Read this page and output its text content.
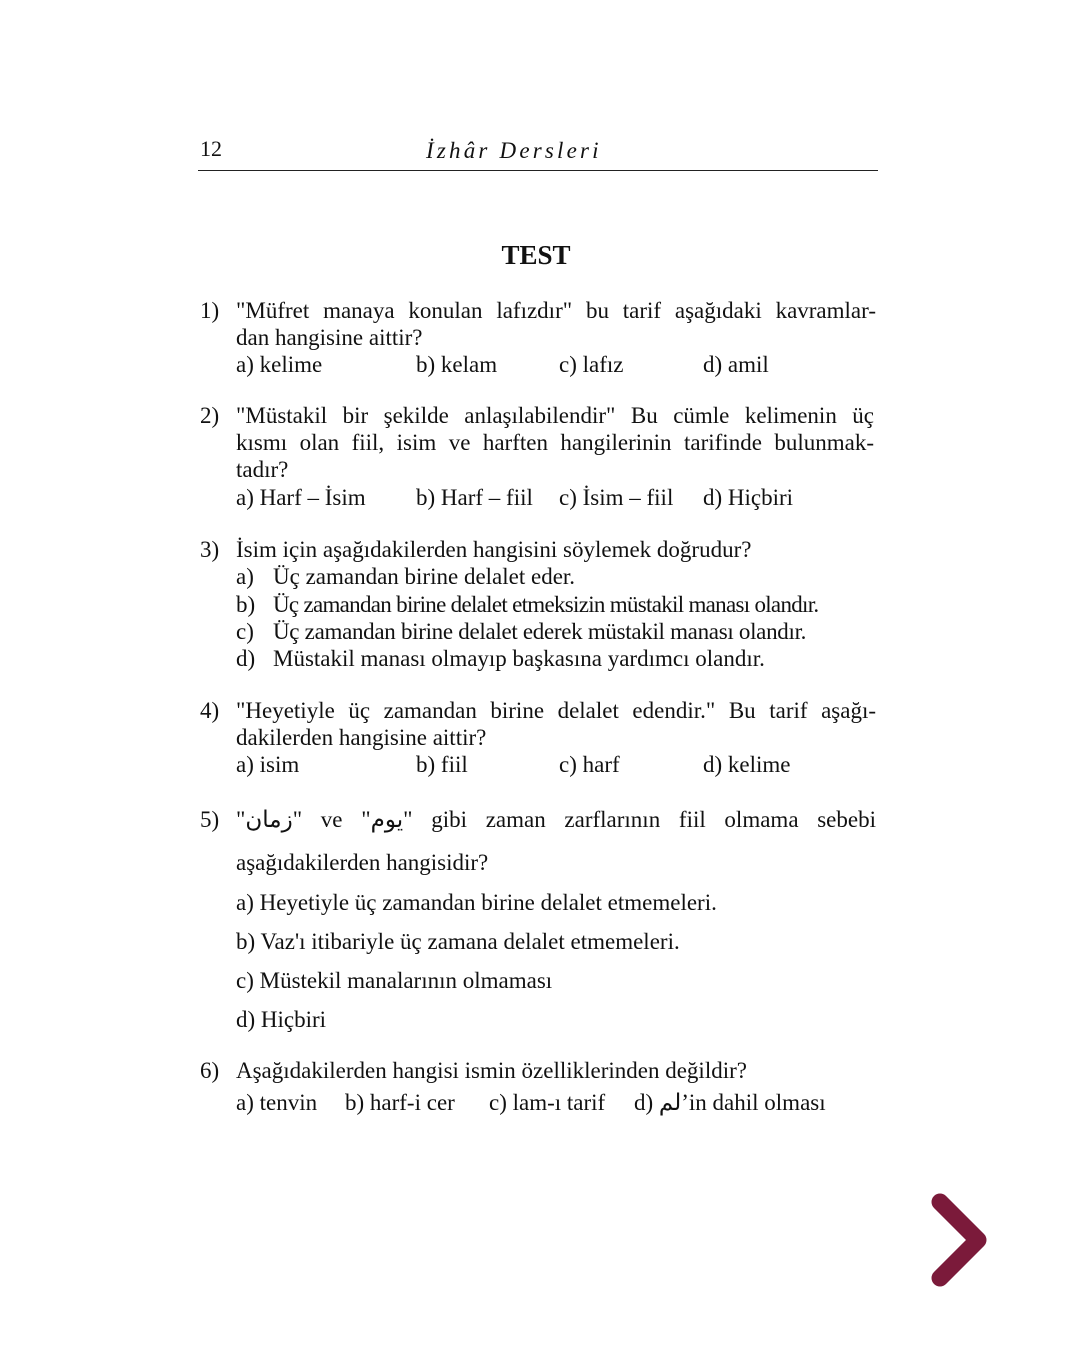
12	İzhâr Dersleri
TEST
1) "Müfret manaya konulan lafızdır" bu tarif aşağıdaki kavramlar-
dan hangisine aittir?
a) kelime	b) kelam	c) lafız	d) amil
2) "Müstakil bir şekilde anlaşılabilendir" Bu cümle kelimenin üç
kısmı olan fiil, isim ve harften hangilerinin tarifinde bulunmak-
tadır?
a) Harf – İsim b) Harf – fiil c) İsim – fiil d) Hiçbiri
3) İsim için aşağıdakilerden hangisini söylemek doğrudur?
a) Üç zamandan birine delalet eder.
b) Üç zamandan birine delalet etmeksizin müstakil manası olandır.
c) Üç zamandan birine delalet ederek müstakil manası olandır.
d) Müstakil manası olmayıp başkasına yardımcı olandır.
4) "Heyetiyle üç zamandan birine delalet edendir." Bu tarif aşağı-
dakilerden hangisine aittir?
a) isim	b) fiil	c) harf	d) kelime
5) "زمان" ve "يوم" gibi zaman zarflarının fiil olmama sebebi
aşağıdakilerden hangisidir?
a) Heyetiyle üç zamandan birine delalet etmemeleri.
b) Vaz'ı itibariyle üç zamana delalet etmemeleri.
c) Müstekil manalarının olmaması
d) Hiçbiri
6) Aşağıdakilerden hangisi ismin özelliklerinden değildir?
a) tenvin b) harf-i cer c) lam-ı tarif d) لم’in dahil olması
